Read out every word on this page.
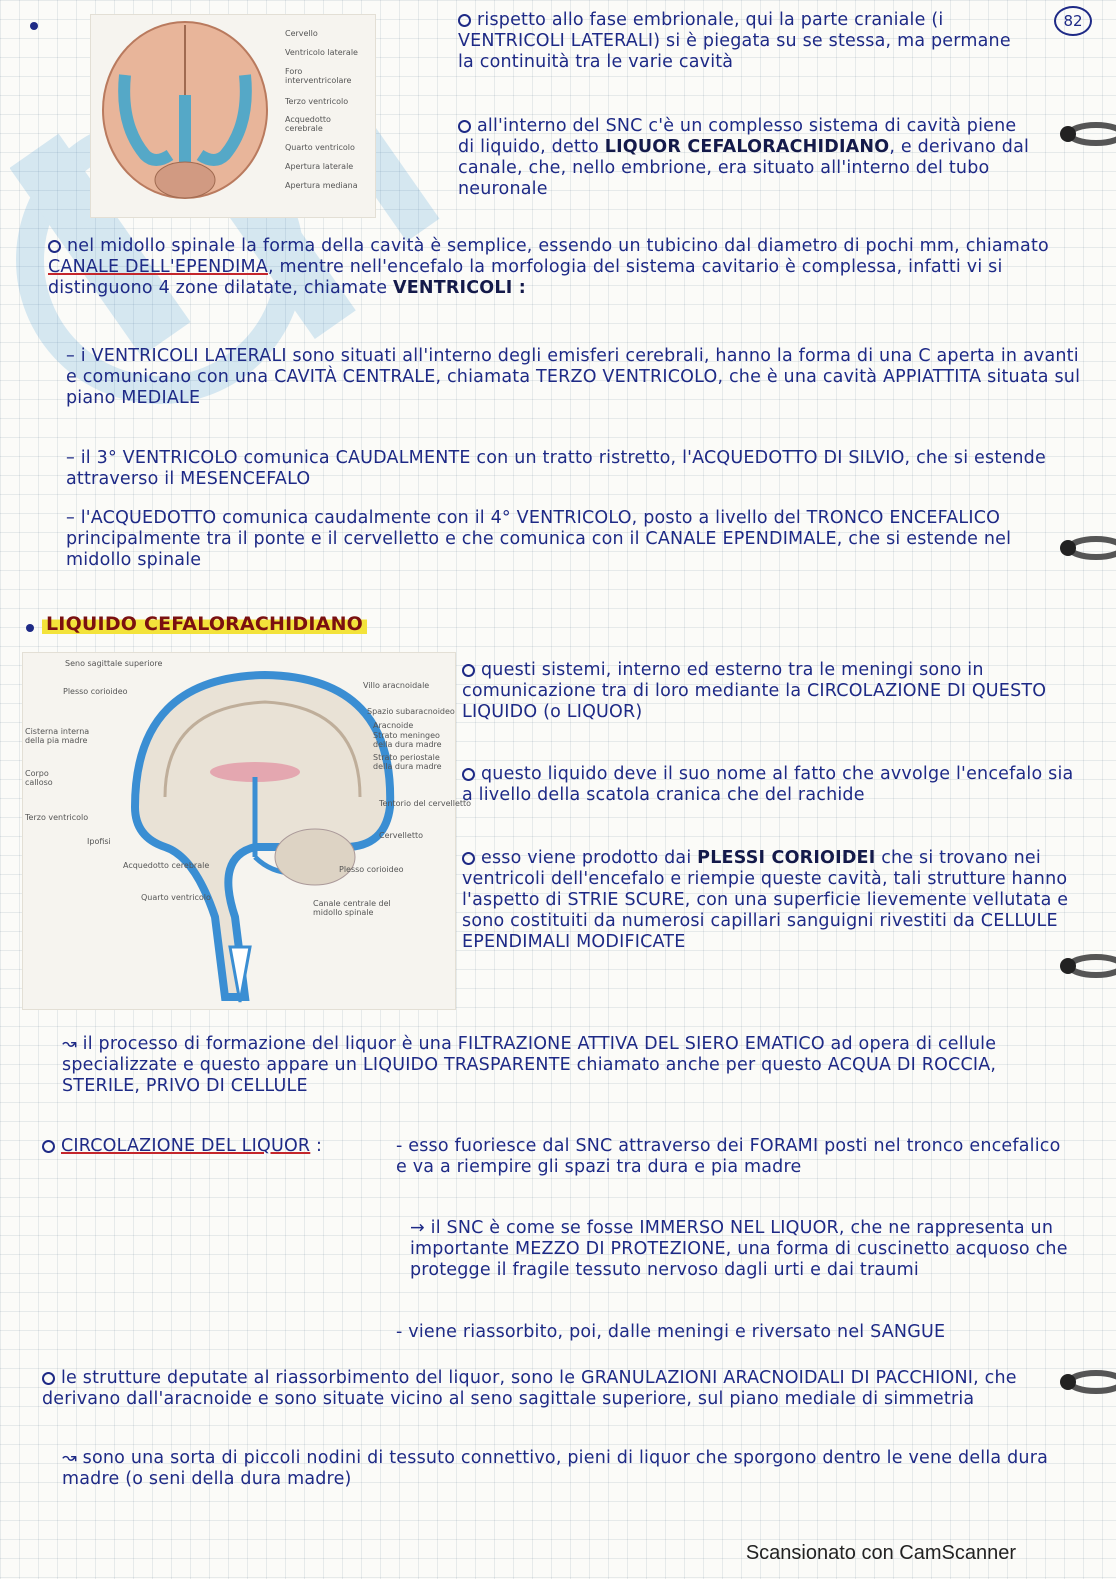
82
Cervello
Ventricolo laterale
Foro interventricolare
Terzo ventricolo
Acquedotto cerebrale
Quarto ventricolo
Apertura laterale
Apertura mediana

rispetto allo fase embrionale, qui la parte craniale (i VENTRICOLI LATERALI) si è piegata su se stessa, ma permane la continuità tra le varie cavità

all'interno del SNC c'è un complesso sistema di cavità piene di liquido, detto LIQUOR CEFALORACHIDIANO, e derivano dal canale, che, nello embrione, era situato all'interno del tubo neuronale

nel midollo spinale la forma della cavità è semplice, essendo un tubicino dal diametro di pochi mm, chiamato CANALE DELL'EPENDIMA, mentre nell'encefalo la morfologia del sistema cavitario è complessa, infatti vi si distinguono 4 zone dilatate, chiamate VENTRICOLI :

– i VENTRICOLI LATERALI sono situati all'interno degli emisferi cerebrali, hanno la forma di una C aperta in avanti e comunicano con una CAVITÀ CENTRALE, chiamata TERZO VENTRICOLO, che è una cavità APPIATTITA situata sul piano MEDIALE

– il 3° VENTRICOLO comunica CAUDALMENTE con un tratto ristretto, l'ACQUEDOTTO DI SILVIO, che si estende attraverso il MESENCEFALO

– l'ACQUEDOTTO comunica caudalmente con il 4° VENTRICOLO, posto a livello del TRONCO ENCEFALICO principalmente tra il ponte e il cervelletto e che comunica con il CANALE EPENDIMALE, che si estende nel midollo spinale

LIQUIDO CEFALORACHIDIANO
Seno sagittale superiore
Plesso corioideo
Cisterna interna della pia madre
Corpo calloso
Terzo ventricolo
Ipofisi
Acquedotto cerebrale
Quarto ventricolo
Villo aracnoidale
Spazio subaracnoideo
Aracnoide
Strato meningeo della dura madre
Strato periostale della dura madre
Tentorio del cervelletto
Cervelletto
Plesso corioideo
Canale centrale del midollo spinale

questi sistemi, interno ed esterno tra le meningi sono in comunicazione tra di loro mediante la CIRCOLAZIONE DI QUESTO LIQUIDO (o LIQUOR)

questo liquido deve il suo nome al fatto che avvolge l'encefalo sia a livello della scatola cranica che del rachide

esso viene prodotto dai PLESSI CORIOIDEI che si trovano nei ventricoli dell'encefalo e riempie queste cavità, tali strutture hanno l'aspetto di STRIE SCURE, con una superficie lievemente vellutata e sono costituiti da numerosi capillari sanguigni rivestiti da CELLULE EPENDIMALI MODIFICATE

↝ il processo di formazione del liquor è una FILTRAZIONE ATTIVA DEL SIERO EMATICO ad opera di cellule specializzate e questo appare un LIQUIDO TRASPARENTE chiamato anche per questo ACQUA DI ROCCIA, STERILE, PRIVO DI CELLULE

CIRCOLAZIONE DEL LIQUOR :	- esso fuoriesce dal SNC attraverso dei FORAMI posti nel tronco encefalico e va a riempire gli spazi tra dura e pia madre

→ il SNC è come se fosse IMMERSO NEL LIQUOR, che ne rappresenta un importante MEZZO DI PROTEZIONE, una forma di cuscinetto acquoso che protegge il fragile tessuto nervoso dagli urti e dai traumi

- viene riassorbito, poi, dalle meningi e riversato nel SANGUE

le strutture deputate al riassorbimento del liquor, sono le GRANULAZIONI ARACNOIDALI DI PACCHIONI, che derivano dall'aracnoide e sono situate vicino al seno sagittale superiore, sul piano mediale di simmetria

↝ sono una sorta di piccoli nodini di tessuto connettivo, pieni di liquor che sporgono dentro le vene della dura madre (o seni della dura madre)

Scansionato con CamScanner
